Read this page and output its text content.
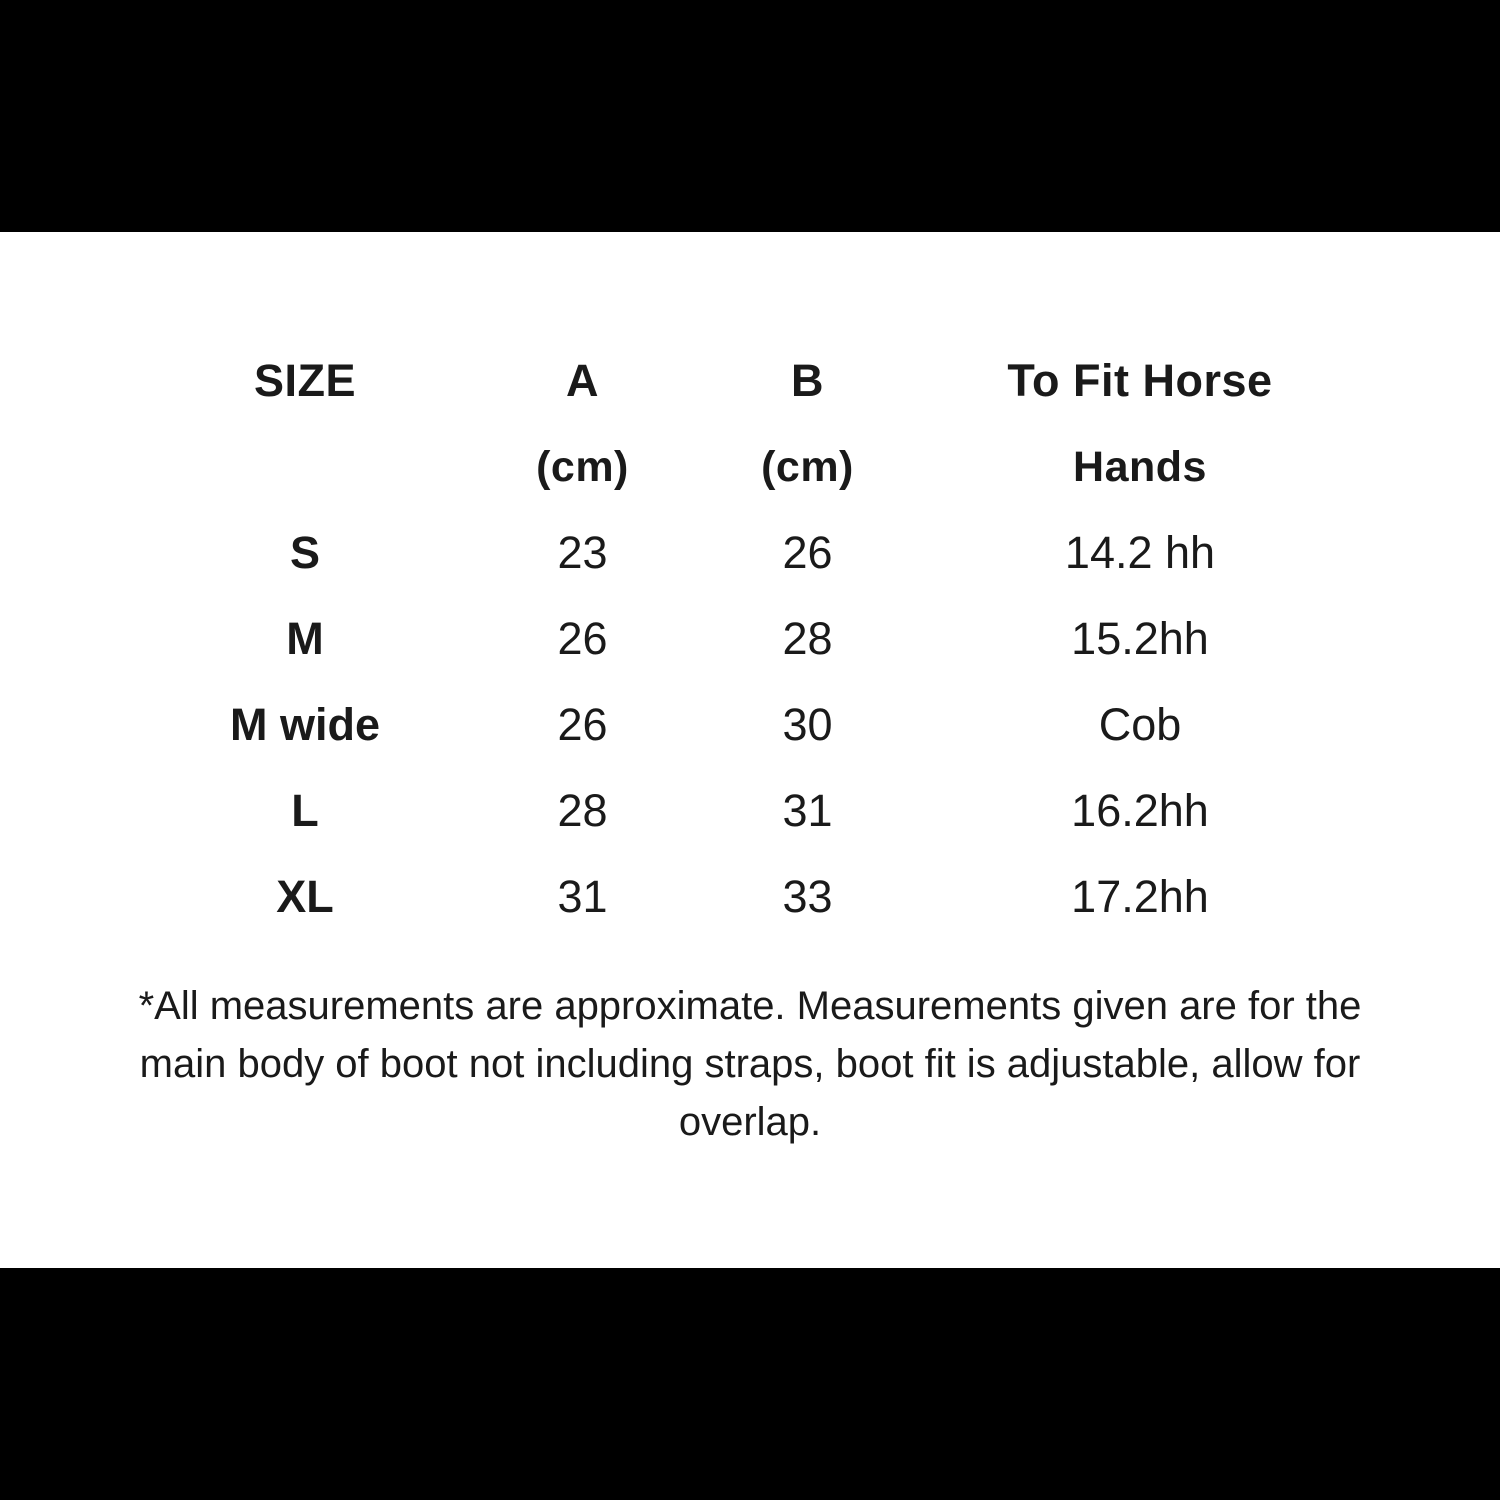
SIZE	A	B	To Fit Horse
	(cm)	(cm)	Hands
S	23	26	14.2 hh
M	26	28	15.2hh
M wide	26	30	Cob
L	28	31	16.2hh
XL	31	33	17.2hh
*All measurements are approximate. Measurements given are for the main body of boot not including straps, boot fit is adjustable, allow for overlap.
